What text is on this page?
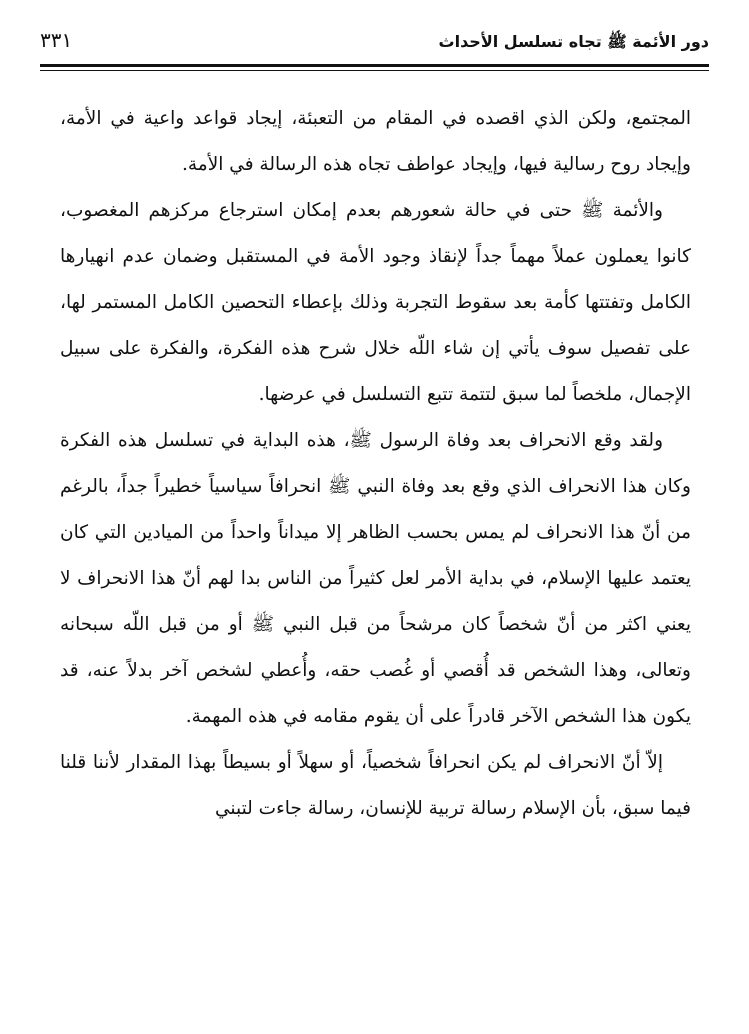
دور الأئمة ﷺ تجاه تسلسل الأحداث
٣٣١

المجتمع، ولكن الذي اقصده في المقام من التعبئة، إيجاد قواعد واعية في الأمة، وإيجاد روح رسالية فيها، وإيجاد عواطف تجاه هذه الرسالة في الأمة.

والأئمة ﷺ حتى في حالة شعورهم بعدم إمكان استرجاع مركزهم المغصوب، كانوا يعملون عملاً مهماً جداً لإنقاذ وجود الأمة في المستقبل وضمان عدم انهيارها الكامل وتفتتها كأمة بعد سقوط التجربة وذلك بإعطاء التحصين الكامل المستمر لها، على تفصيل سوف يأتي إن شاء اللّه خلال شرح هذه الفكرة، والفكرة على سبيل الإجمال، ملخصاً لما سبق لتتمة تتبع التسلسل في عرضها.

ولقد وقع الانحراف بعد وفاة الرسول ﷺ، هذه البداية في تسلسل هذه الفكرة وكان هذا الانحراف الذي وقع بعد وفاة النبي ﷺ انحرافاً سياسياً خطيراً جداً، بالرغم من أنّ هذا الانحراف لم يمس بحسب الظاهر إلا ميداناً واحداً من الميادين التي كان يعتمد عليها الإسلام، في بداية الأمر لعل كثيراً من الناس بدا لهم أنّ هذا الانحراف لا يعني اكثر من أنّ شخصاً كان مرشحاً من قبل النبي ﷺ أو من قبل اللّه سبحانه وتعالى، وهذا الشخص قد أُقصي أو غُصب حقه، وأُعطي لشخص آخر بدلاً عنه، قد يكون هذا الشخص الآخر قادراً على أن يقوم مقامه في هذه المهمة.

إلاّ أنّ الانحراف لم يكن انحرافاً شخصياً، أو سهلاً أو بسيطاً بهذا المقدار لأننا قلنا فيما سبق، بأن الإسلام رسالة تربية للإنسان، رسالة جاءت لتبني
